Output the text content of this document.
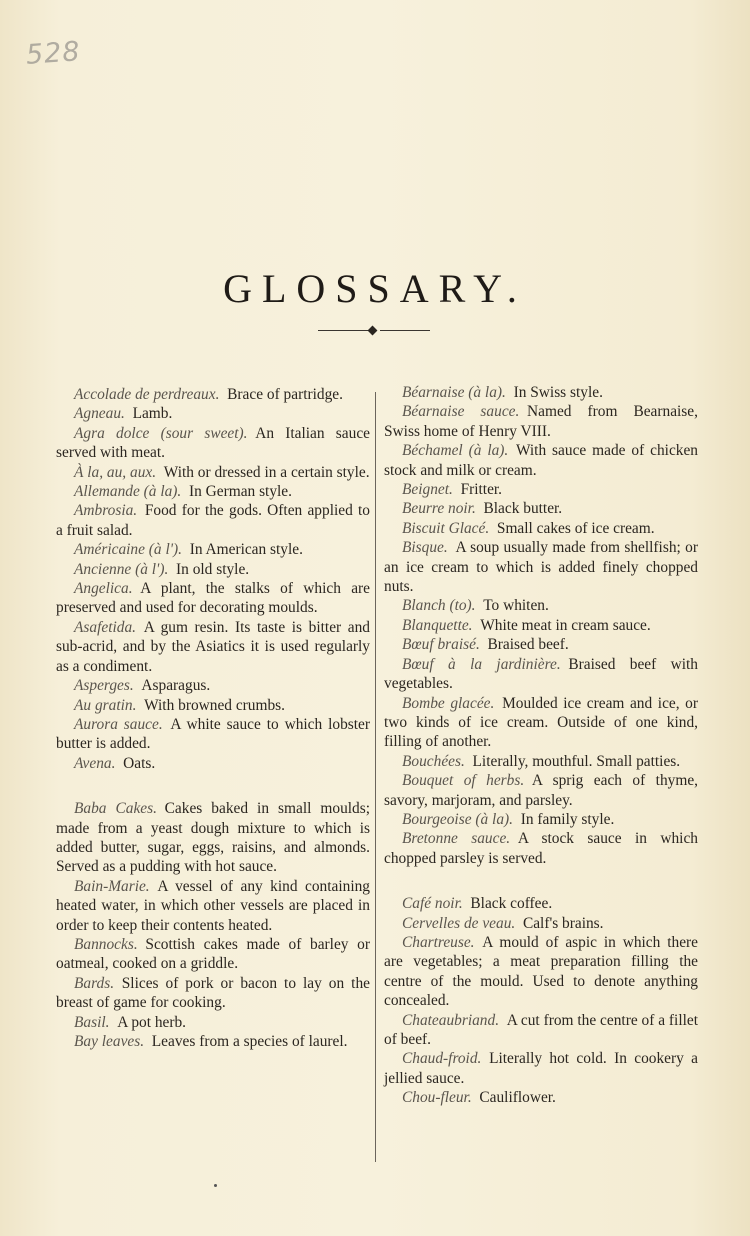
528
GLOSSARY.

Accolade de perdreaux.  Brace of partridge.

Agneau.  Lamb.

Agra dolce (sour sweet).  An Italian sauce served with meat.

À la, au, aux.  With or dressed in a certain style.

Allemande (à la).  In German style.

Ambrosia.  Food for the gods. Often applied to a fruit salad.

Américaine (à l').  In American style.

Ancienne (à l').  In old style.

Angelica.  A plant, the stalks of which are preserved and used for decorating moulds.

Asafetida.  A gum resin. Its taste is bitter and sub-acrid, and by the Asiatics it is used regularly as a condiment.

Asperges.  Asparagus.

Au gratin.  With browned crumbs.

Aurora sauce.  A white sauce to which lobster butter is added.

Avena.  Oats.

Baba Cakes.  Cakes baked in small moulds; made from a yeast dough mixture to which is added butter, sugar, eggs, raisins, and almonds. Served as a pudding with hot sauce.

Bain-Marie.  A vessel of any kind containing heated water, in which other vessels are placed in order to keep their contents heated.

Bannocks.  Scottish cakes made of barley or oatmeal, cooked on a griddle.

Bards.  Slices of pork or bacon to lay on the breast of game for cooking.

Basil.  A pot herb.

Bay leaves.  Leaves from a species of laurel.

Béarnaise (à la).  In Swiss style.

Béarnaise sauce.  Named from Bearnaise, Swiss home of Henry VIII.

Béchamel (à la).  With sauce made of chicken stock and milk or cream.

Beignet.  Fritter.

Beurre noir.  Black butter.

Biscuit Glacé.  Small cakes of ice cream.

Bisque.  A soup usually made from shellfish; or an ice cream to which is added finely chopped nuts.

Blanch (to).  To whiten.

Blanquette.  White meat in cream sauce.

Bœuf braisé.  Braised beef.

Bœuf à la jardinière.  Braised beef with vegetables.

Bombe glacée.  Moulded ice cream and ice, or two kinds of ice cream. Outside of one kind, filling of another.

Bouchées.  Literally, mouthful. Small patties.

Bouquet of herbs.  A sprig each of thyme, savory, marjoram, and parsley.

Bourgeoise (à la).  In family style.

Bretonne sauce.  A stock sauce in which chopped parsley is served.

Café noir.  Black coffee.

Cervelles de veau.  Calf's brains.

Chartreuse.  A mould of aspic in which there are vegetables; a meat preparation filling the centre of the mould. Used to denote anything concealed.

Chateaubriand.  A cut from the centre of a fillet of beef.

Chaud-froid.  Literally hot cold. In cookery a jellied sauce.

Chou-fleur.  Cauliflower.
